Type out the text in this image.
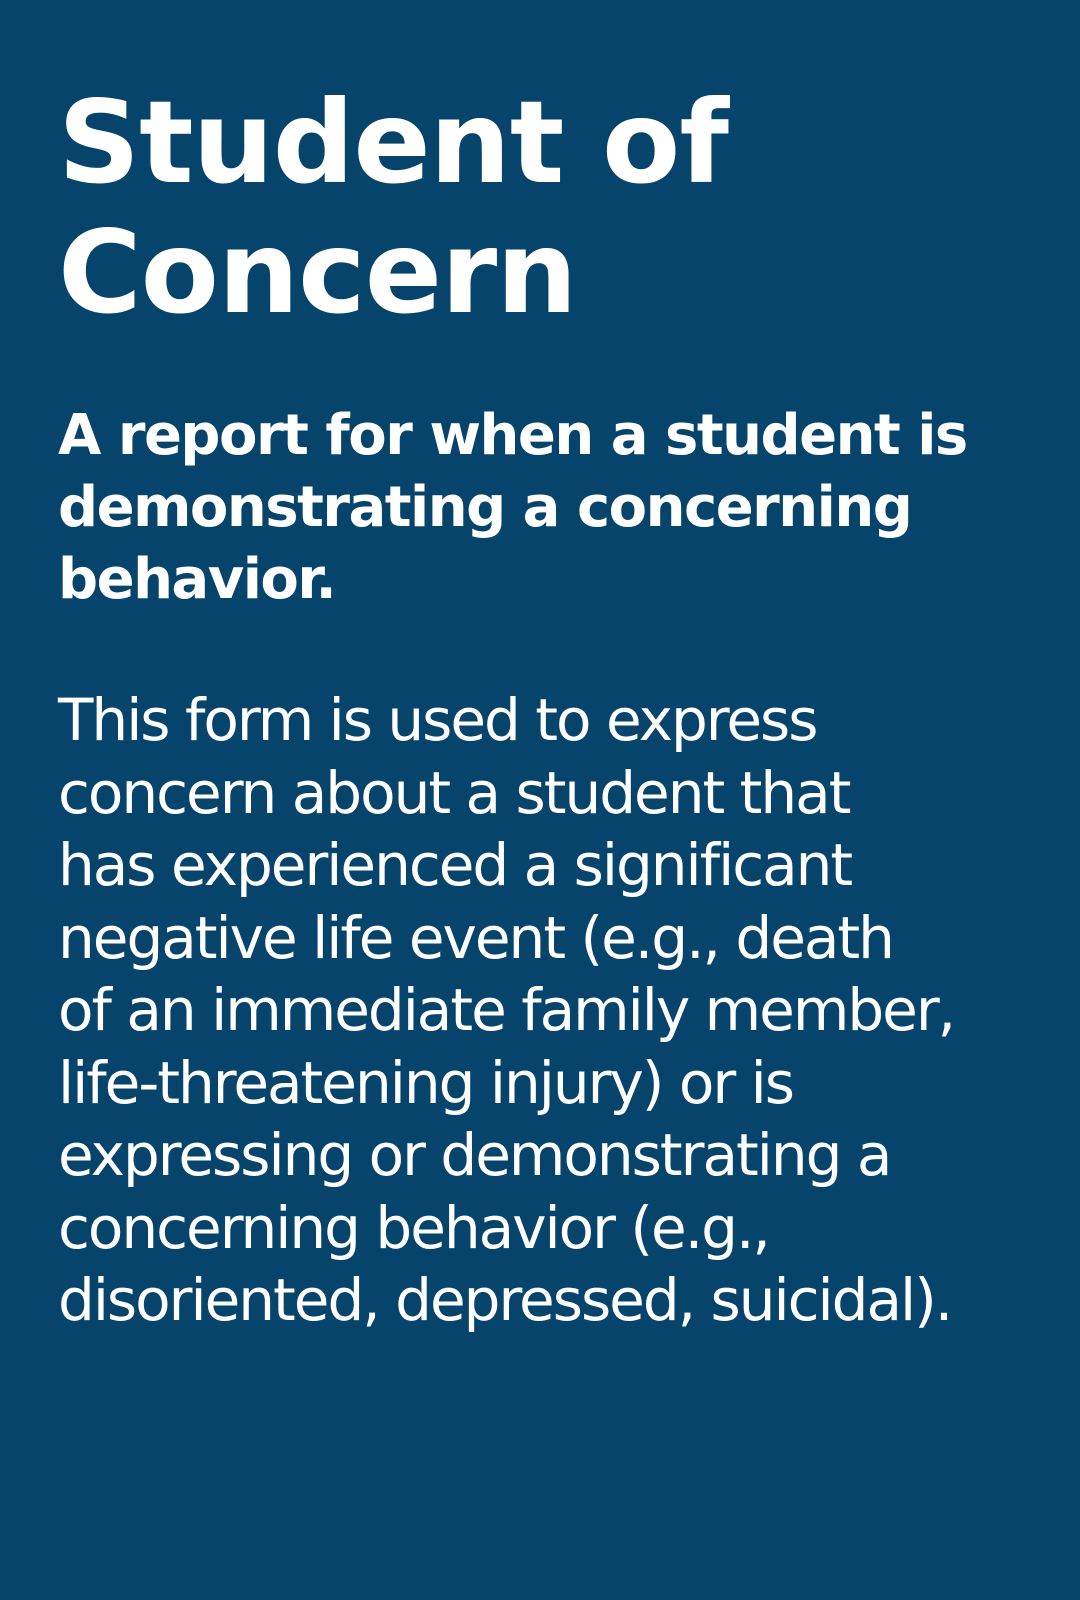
Student of Concern
A report for when a student is demonstrating a concerning behavior.

This form is used to express
concern about a student that
has experienced a significant
negative life event (e.g., death
of an immediate family member,
life-threatening injury) or is
expressing or demonstrating a
concerning behavior (e.g.,
disoriented, depressed, suicidal).
